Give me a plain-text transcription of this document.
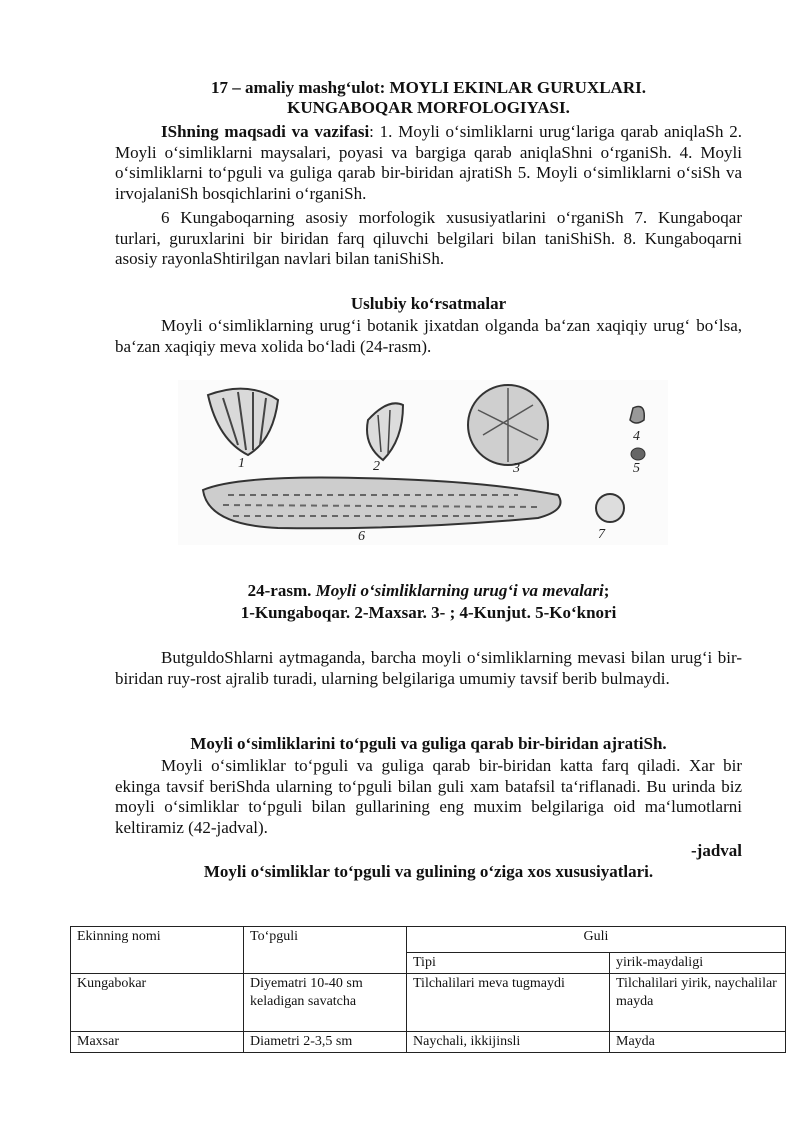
17 – amaliy mashg‘ulot: MOYLI EKINLAR GURUXLARI.
KUNGABOQAR MORFOLOGIYASI.
IShning maqsadi va vazifasi: 1. Moyli o‘simliklarni urug‘lariga qarab aniqlaSh 2. Moyli o‘simliklarni maysalari, poyasi va bargiga qarab aniqlaShni o‘rganiSh. 4. Moyli o‘simliklarni to‘pguli va guliga qarab bir-biridan ajratiSh 5. Moyli o‘simliklarni o‘siSh va irvojalaniSh bosqichlarini o‘rganiSh.
6 Kungaboqarning asosiy morfologik xususiyatlarini o‘rganiSh 7. Kungaboqar turlari, guruxlarini bir biridan farq qiluvchi belgilari bilan taniShiSh. 8. Kungaboqarni asosiy rayonlaShtirilgan navlari bilan taniShiSh.
Uslubiy ko‘rsatmalar
Moyli o‘simliklarning urug‘i botanik jixatdan olganda ba‘zan xaqiqiy urug‘ bo‘lsa, ba‘zan xaqiqiy meva xolida bo‘ladi (24-rasm).
1	2	3
4
5
6	7
24-rasm. Moyli o‘simliklarning urug‘i va mevalari;
1-Kungaboqar. 2-Maxsar. 3- ; 4-Kunjut. 5-Ko‘knori
ButguldoShlarni aytmaganda, barcha moyli o‘simliklarning mevasi bilan urug‘i bir-biridan ruy-rost ajralib turadi, ularning belgilariga umumiy tavsif berib bulmaydi.
Moyli o‘simliklarini to‘pguli va guliga qarab bir-biridan ajratiSh.
Moyli o‘simliklar to‘pguli va guliga qarab bir-biridan katta farq qiladi. Xar bir ekinga tavsif beriShda ularning to‘pguli bilan guli xam batafsil ta‘riflanadi. Bu urinda biz moyli o‘simliklar to‘pguli bilan gullarining eng muxim belgilariga oid ma‘lumotlarni keltiramiz (42-jadval).
-jadval
Moyli o‘simliklar to‘pguli va gulining o‘ziga xos xususiyatlari.
Ekinning nomi	To‘pguli	Guli	
		Tipi	yirik-maydaligi
Kungabokar	Diyematri 10-40 sm keladigan savatcha	Tilchalilari meva tugmaydi	Tilchalilari yirik, naychalilar mayda
Maxsar	Diametri 2-3,5 sm	Naychali, ikkijinsli	Mayda
